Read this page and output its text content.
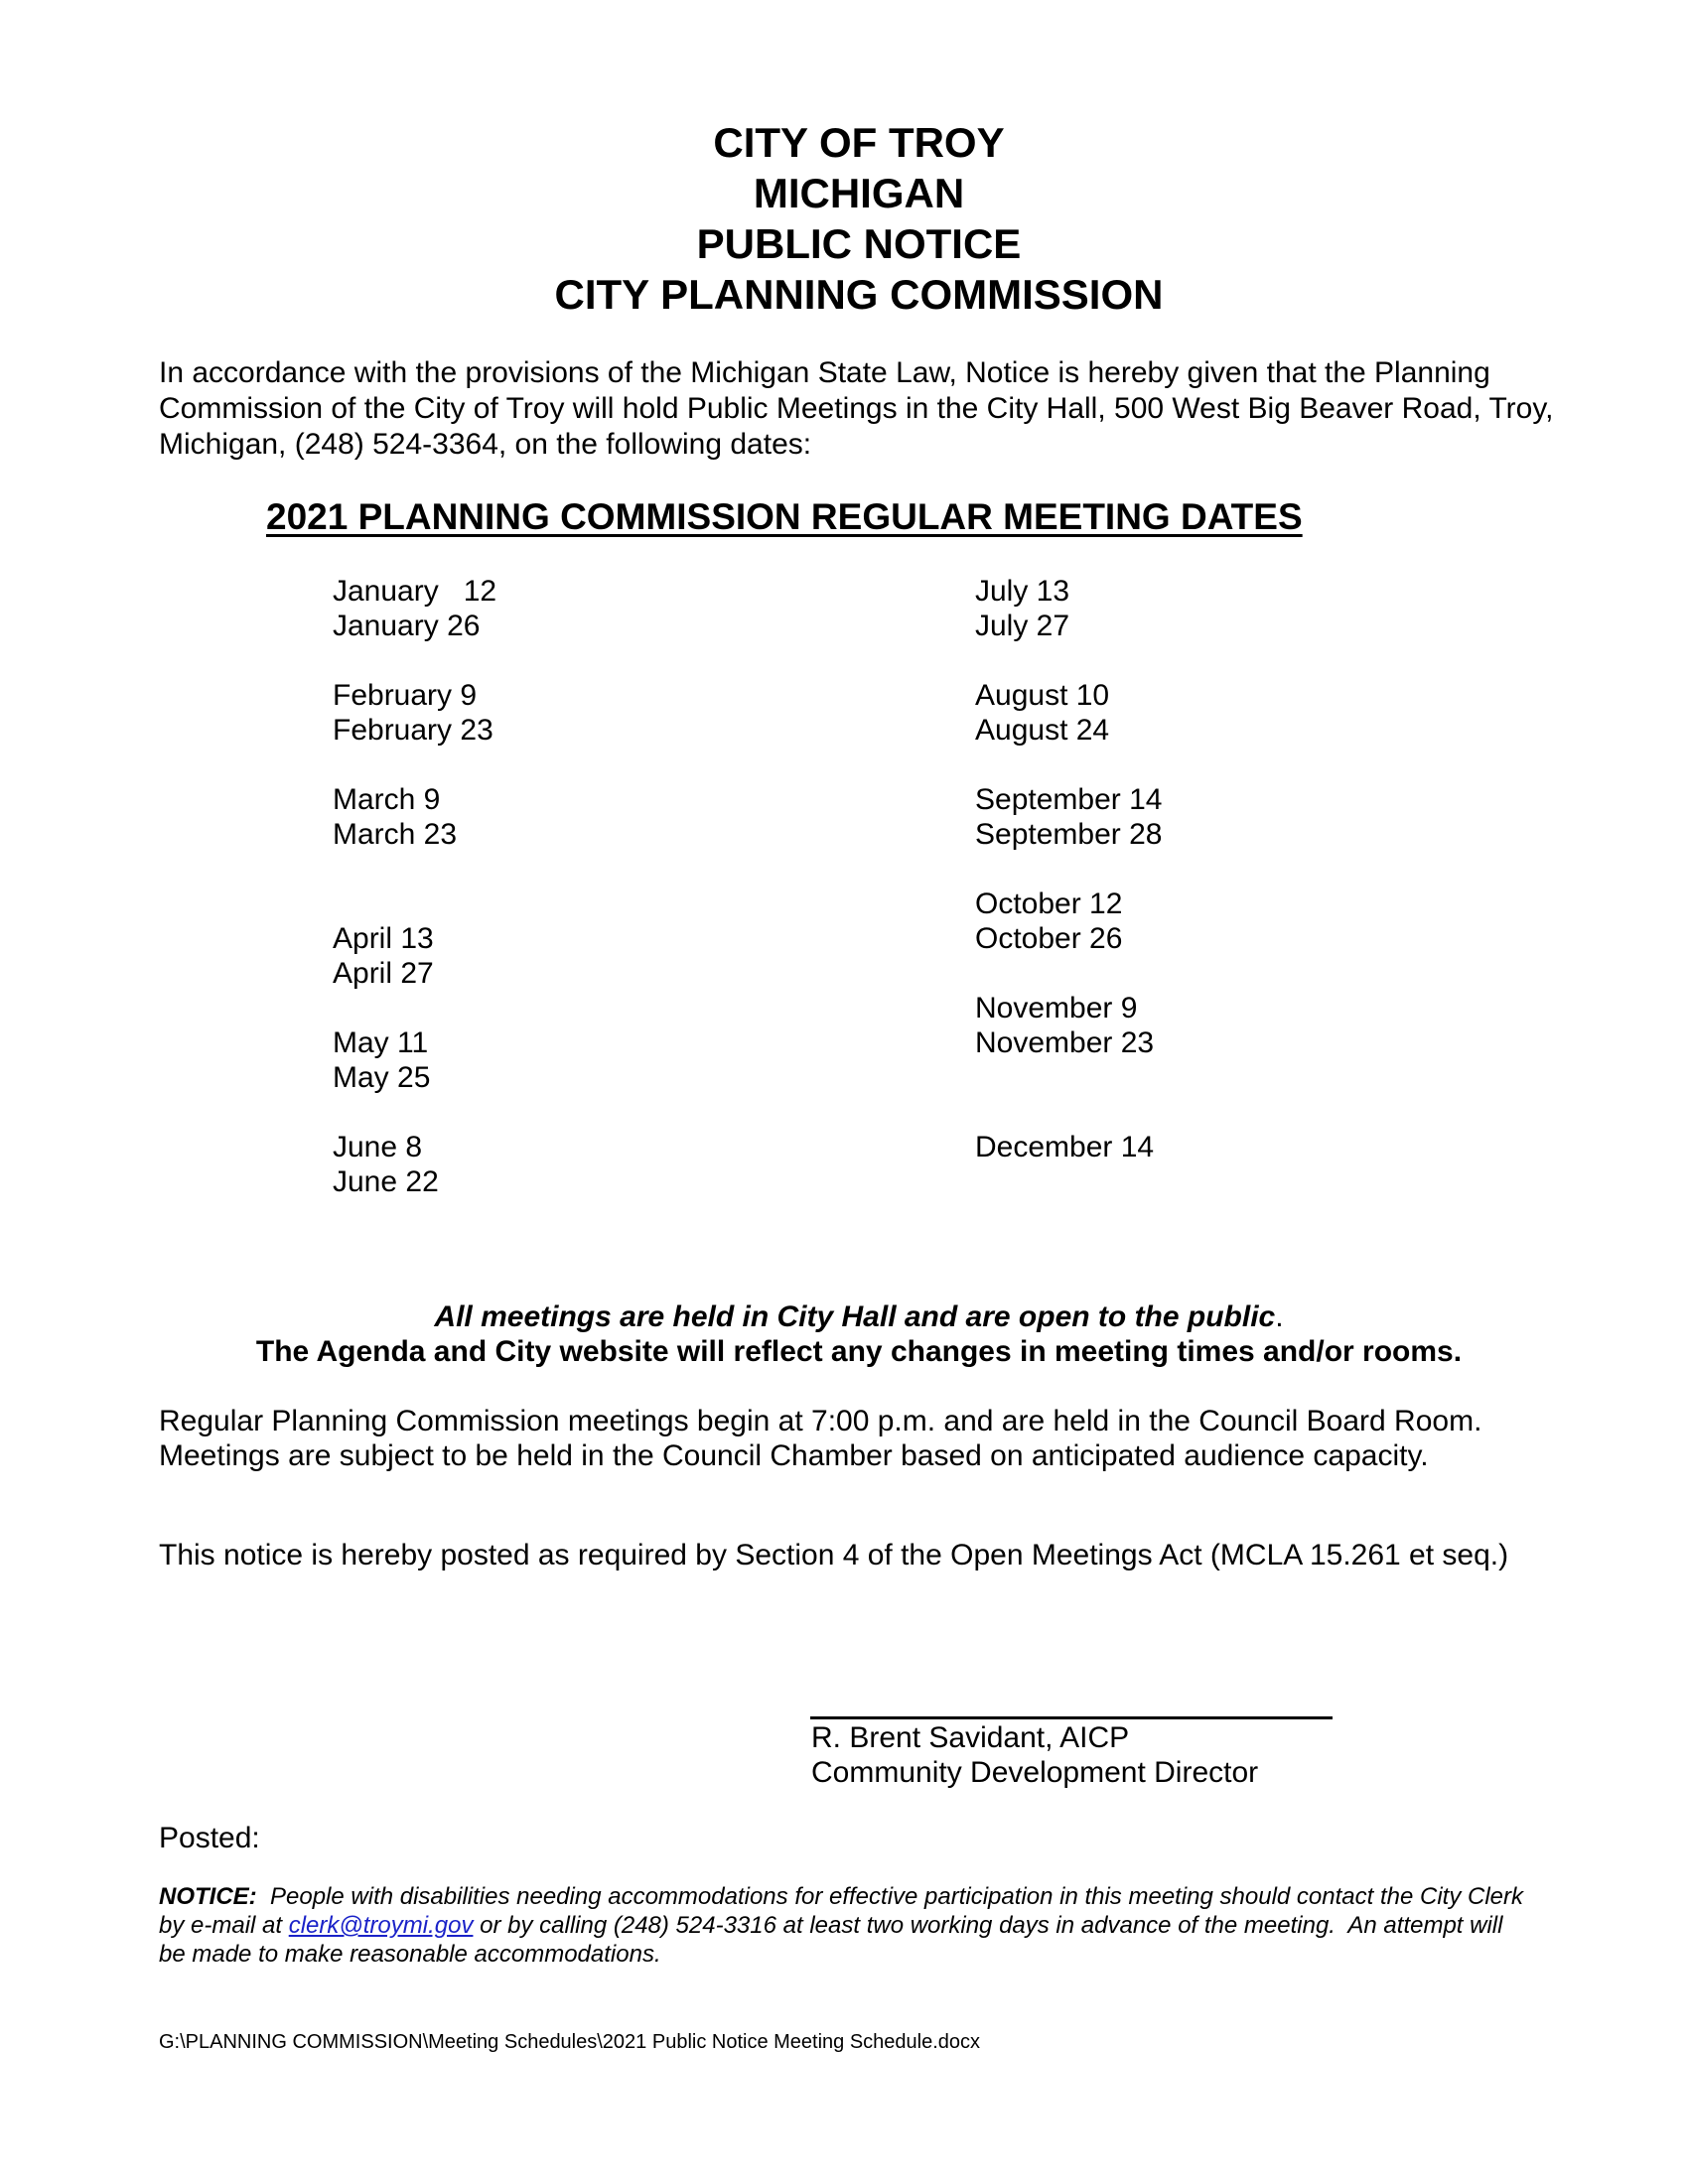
CITY OF TROY
MICHIGAN
PUBLIC NOTICE
CITY PLANNING COMMISSION
In accordance with the provisions of the Michigan State Law, Notice is hereby given that the Planning
Commission of the City of Troy will hold Public Meetings in the City Hall, 500 West Big Beaver Road, Troy,
Michigan, (248) 524-3364, on the following dates:
2021 PLANNING COMMISSION REGULAR MEETING DATES

January   12

January 26

February 9

February 23

March 9

March 23

April 13

April 27

May 11

May 25

June 8

June 22

July 13

July 27

August 10

August 24

September 14

September 28

October 12

October 26

November 9

November 23

December 14

All meetings are held in City Hall and are open to the public.
The Agenda and City website will reflect any changes in meeting times and/or rooms.
Regular Planning Commission meetings begin at 7:00 p.m. and are held in the Council Board Room.
Meetings are subject to be held in the Council Chamber based on anticipated audience capacity.
This notice is hereby posted as required by Section 4 of the Open Meetings Act (MCLA 15.261 et seq.)
R. Brent Savidant, AICP
Community Development Director
Posted:
NOTICE:  People with disabilities needing accommodations for effective participation in this meeting should contact the City Clerk
by e-mail at clerk@troymi.gov or by calling (248) 524-3316 at least two working days in advance of the meeting.  An attempt will
be made to make reasonable accommodations.
G:\PLANNING COMMISSION\Meeting Schedules\2021 Public Notice Meeting Schedule.docx
